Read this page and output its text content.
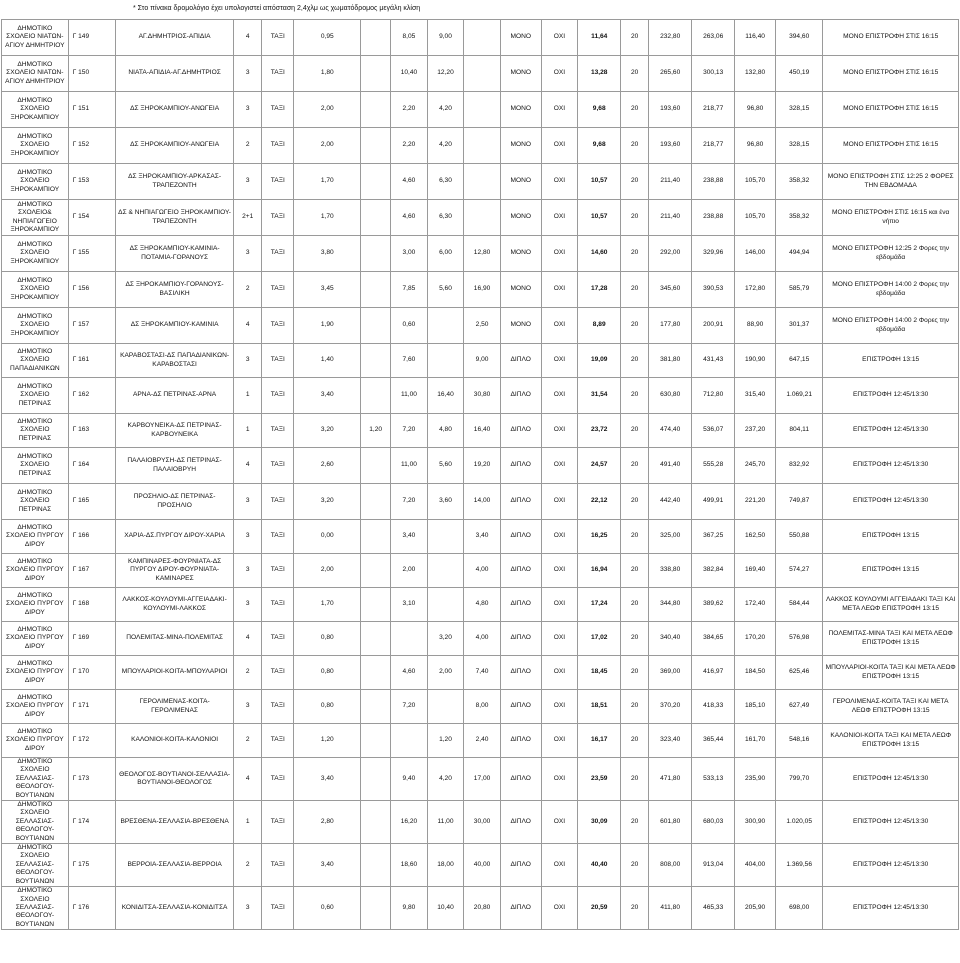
* Στο πίνακα δρομολόγιο έχει υπολογιστεί απόσταση 2,4χλμ ως χωματόδρομος μεγάλη κλίση
ΔΗΜΟΤΙΚΟ ΣΧΟΛΕΙΟ ΝΙΑΤΩΝ-ΑΓΙΟΥ ΔΗΜΗΤΡΙΟΥ	Γ 149	ΑΓ.ΔΗΜΗΤΡΙΟΣ-ΑΠΙΔΙΑ	4	ΤΑΞΙ	0,95		8,05	9,00		ΜΟΝΟ	ΟΧΙ	11,64	20	232,80	263,06	116,40	394,60	ΜΟΝΟ ΕΠΙΣΤΡΟΦΗ ΣΤΙΣ 16:15
ΔΗΜΟΤΙΚΟ ΣΧΟΛΕΙΟ ΝΙΑΤΩΝ-ΑΓΙΟΥ ΔΗΜΗΤΡΙΟΥ	Γ 150	ΝΙΑΤΑ-ΑΠΙΔΙΑ-ΑΓ.ΔΗΜΗΤΡΙΟΣ	3	ΤΑΞΙ	1,80		10,40	12,20		ΜΟΝΟ	ΟΧΙ	13,28	20	265,60	300,13	132,80	450,19	ΜΟΝΟ ΕΠΙΣΤΡΟΦΗ ΣΤΙΣ 16:15
ΔΗΜΟΤΙΚΟ ΣΧΟΛΕΙΟ ΞΗΡΟΚΑΜΠΙΟΥ	Γ 151	ΔΣ ΞΗΡΟΚΑΜΠΙΟΥ-ΑΝΩΓΕΙΑ	3	ΤΑΞΙ	2,00		2,20	4,20		ΜΟΝΟ	ΟΧΙ	9,68	20	193,60	218,77	96,80	328,15	ΜΟΝΟ ΕΠΙΣΤΡΟΦΗ ΣΤΙΣ 16:15
ΔΗΜΟΤΙΚΟ ΣΧΟΛΕΙΟ ΞΗΡΟΚΑΜΠΙΟΥ	Γ 152	ΔΣ ΞΗΡΟΚΑΜΠΙΟΥ-ΑΝΩΓΕΙΑ	2	ΤΑΞΙ	2,00		2,20	4,20		ΜΟΝΟ	ΟΧΙ	9,68	20	193,60	218,77	96,80	328,15	ΜΟΝΟ ΕΠΙΣΤΡΟΦΗ ΣΤΙΣ 16:15
ΔΗΜΟΤΙΚΟ ΣΧΟΛΕΙΟ ΞΗΡΟΚΑΜΠΙΟΥ	Γ 153	ΔΣ ΞΗΡΟΚΑΜΠΙΟΥ-ΑΡΚΑΣΑΣ-ΤΡΑΠΕΖΟΝΤΗ	3	ΤΑΞΙ	1,70		4,60	6,30		ΜΟΝΟ	ΟΧΙ	10,57	20	211,40	238,88	105,70	358,32	ΜΟΝΟ ΕΠΙΣΤΡΟΦΗ ΣΤΙΣ 12:25 2 ΦΟΡΕΣ ΤΗΝ ΕΒΔΟΜΑΔΑ
ΔΗΜΟΤΙΚΟ ΣΧΟΛΕΙΟ& ΝΗΠΙΑΓΩΓΕΙΟ ΞΗΡΟΚΑΜΠΙΟΥ	Γ 154	ΔΣ & ΝΗΠΙΑΓΩΓΕΙΟ ΞΗΡΟΚΑΜΠΙΟΥ-ΤΡΑΠΕΖΟΝΤΗ	2+1	ΤΑΞΙ	1,70		4,60	6,30		ΜΟΝΟ	ΟΧΙ	10,57	20	211,40	238,88	105,70	358,32	ΜΟΝΟ ΕΠΙΣΤΡΟΦΗ ΣΤΙΣ 16:15 και ένα νήπιο
ΔΗΜΟΤΙΚΟ ΣΧΟΛΕΙΟ ΞΗΡΟΚΑΜΠΙΟΥ	Γ 155	ΔΣ ΞΗΡΟΚΑΜΠΙΟΥ-ΚΑΜΙΝΙΑ-ΠΟΤΑΜΙΑ-ΓΟΡΑΝΟΥΣ	3	ΤΑΞΙ	3,80		3,00	6,00	12,80	ΜΟΝΟ	ΟΧΙ	14,60	20	292,00	329,96	146,00	494,94	ΜΟΝΟ ΕΠΙΣΤΡΟΦΗ 12:25 2 Φορες την εβδομάδα
ΔΗΜΟΤΙΚΟ ΣΧΟΛΕΙΟ ΞΗΡΟΚΑΜΠΙΟΥ	Γ 156	ΔΣ ΞΗΡΟΚΑΜΠΙΟΥ-ΓΟΡΑΝΟΥΣ-ΒΑΣΙΛΙΚΗ	2	ΤΑΞΙ	3,45		7,85	5,60	16,90	ΜΟΝΟ	ΟΧΙ	17,28	20	345,60	390,53	172,80	585,79	ΜΟΝΟ ΕΠΙΣΤΡΟΦΗ 14:00 2 Φορες την εβδομάδα
ΔΗΜΟΤΙΚΟ ΣΧΟΛΕΙΟ ΞΗΡΟΚΑΜΠΙΟΥ	Γ 157	ΔΣ ΞΗΡΟΚΑΜΠΙΟΥ-ΚΑΜΙΝΙΑ	4	ΤΑΞΙ	1,90		0,60		2,50	ΜΟΝΟ	ΟΧΙ	8,89	20	177,80	200,91	88,90	301,37	ΜΟΝΟ ΕΠΙΣΤΡΟΦΗ 14:00 2 Φορες την εβδομάδα
ΔΗΜΟΤΙΚΟ ΣΧΟΛΕΙΟ ΠΑΠΑΔΙΑΝΙΚΩΝ	Γ 161	ΚΑΡΑΒΟΣΤΑΣΙ-ΔΣ ΠΑΠΑΔΙΑΝΙΚΩΝ-ΚΑΡΑΒΟΣΤΑΣΙ	3	ΤΑΞΙ	1,40		7,60		9,00	ΔΙΠΛΟ	ΟΧΙ	19,09	20	381,80	431,43	190,90	647,15	ΕΠΙΣΤΡΟΦΗ 13:15
ΔΗΜΟΤΙΚΟ ΣΧΟΛΕΙΟ ΠΕΤΡΙΝΑΣ	Γ 162	ΑΡΝΑ-ΔΣ ΠΕΤΡΙΝΑΣ-ΑΡΝΑ	1	ΤΑΞΙ	3,40		11,00	16,40	30,80	ΔΙΠΛΟ	ΟΧΙ	31,54	20	630,80	712,80	315,40	1.069,21	ΕΠΙΣΤΡΟΦΗ 12:45/13:30
ΔΗΜΟΤΙΚΟ ΣΧΟΛΕΙΟ ΠΕΤΡΙΝΑΣ	Γ 163	ΚΑΡΒΟΥΝΕΙΚΑ-ΔΣ ΠΕΤΡΙΝΑΣ-ΚΑΡΒΟΥΝΕΙΚΑ	1	ΤΑΞΙ	3,20	1,20	7,20	4,80	16,40	ΔΙΠΛΟ	ΟΧΙ	23,72	20	474,40	536,07	237,20	804,11	ΕΠΙΣΤΡΟΦΗ 12:45/13:30
ΔΗΜΟΤΙΚΟ ΣΧΟΛΕΙΟ ΠΕΤΡΙΝΑΣ	Γ 164	ΠΑΛΑΙΟΒΡΥΣΗ-ΔΣ ΠΕΤΡΙΝΑΣ-ΠΑΛΑΙΟΒΡΥΗ	4	ΤΑΞΙ	2,60		11,00	5,60	19,20	ΔΙΠΛΟ	ΟΧΙ	24,57	20	491,40	555,28	245,70	832,92	ΕΠΙΣΤΡΟΦΗ 12:45/13:30
ΔΗΜΟΤΙΚΟ ΣΧΟΛΕΙΟ ΠΕΤΡΙΝΑΣ	Γ 165	ΠΡΟΣΗΛΙΟ-ΔΣ ΠΕΤΡΙΝΑΣ-ΠΡΟΣΗΛΙΟ	3	ΤΑΞΙ	3,20		7,20	3,60	14,00	ΔΙΠΛΟ	ΟΧΙ	22,12	20	442,40	499,91	221,20	749,87	ΕΠΙΣΤΡΟΦΗ 12:45/13:30
ΔΗΜΟΤΙΚΟ ΣΧΟΛΕΙΟ ΠΥΡΓΟΥ ΔΙΡΟΥ	Γ 166	ΧΑΡΙΑ-ΔΣ.ΠΥΡΓΟΥ ΔΙΡΟΥ-ΧΑΡΙΑ	3	ΤΑΞΙ	0,00		3,40		3,40	ΔΙΠΛΟ	ΟΧΙ	16,25	20	325,00	367,25	162,50	550,88	ΕΠΙΣΤΡΟΦΗ 13:15
ΔΗΜΟΤΙΚΟ ΣΧΟΛΕΙΟ ΠΥΡΓΟΥ ΔΙΡΟΥ	Γ 167	ΚΑΜΠΙΝΑΡΕΣ-ΦΟΥΡΝΙΑΤΑ-ΔΣ ΠΥΡΓΟΥ ΔΙΡΟΥ-ΦΟΥΡΝΙΑΤΑ-ΚΑΜΙΝΑΡΕΣ	3	ΤΑΞΙ	2,00		2,00		4,00	ΔΙΠΛΟ	ΟΧΙ	16,94	20	338,80	382,84	169,40	574,27	ΕΠΙΣΤΡΟΦΗ 13:15
ΔΗΜΟΤΙΚΟ ΣΧΟΛΕΙΟ ΠΥΡΓΟΥ ΔΙΡΟΥ	Γ 168	ΛΑΚΚΟΣ-ΚΟΥΛΟΥΜΙ-ΑΓΓΕΙΑΔΑΚΙ-ΚΟΥΛΟΥΜΙ-ΛΑΚΚΟΣ	3	ΤΑΞΙ	1,70		3,10		4,80	ΔΙΠΛΟ	ΟΧΙ	17,24	20	344,80	389,62	172,40	584,44	ΛΑΚΚΟΣ ΚΟΥΛΟΥΜΙ ΑΓΓΕΙΑΔΑΚΙ ΤΑΞΙ ΚΑΙ ΜΕΤΑ ΛΕΩΦ ΕΠΙΣΤΡΟΦΗ 13:15
ΔΗΜΟΤΙΚΟ ΣΧΟΛΕΙΟ ΠΥΡΓΟΥ ΔΙΡΟΥ	Γ 169	ΠΟΛΕΜΙΤΑΣ-ΜΙΝΑ-ΠΟΛΕΜΙΤΑΣ	4	ΤΑΞΙ	0,80			3,20	4,00	ΔΙΠΛΟ	ΟΧΙ	17,02	20	340,40	384,65	170,20	576,98	ΠΟΛΕΜΙΤΑΣ-ΜΙΝΑ ΤΑΞΙ ΚΑΙ ΜΕΤΑ ΛΕΩΦ ΕΠΙΣΤΡΟΦΗ 13:15
ΔΗΜΟΤΙΚΟ ΣΧΟΛΕΙΟ ΠΥΡΓΟΥ ΔΙΡΟΥ	Γ 170	ΜΠΟΥΛΑΡΙΟΙ-ΚΟΙΤΑ-ΜΠΟΥΛΑΡΙΟΙ	2	ΤΑΞΙ	0,80		4,60	2,00	7,40	ΔΙΠΛΟ	ΟΧΙ	18,45	20	369,00	416,97	184,50	625,46	ΜΠΟΥΛΑΡΙΟΙ-ΚΟΙΤΑ ΤΑΞΙ ΚΑΙ ΜΕΤΑ ΛΕΩΦ ΕΠΙΣΤΡΟΦΗ 13:15
ΔΗΜΟΤΙΚΟ ΣΧΟΛΕΙΟ ΠΥΡΓΟΥ ΔΙΡΟΥ	Γ 171	ΓΕΡΟΛΙΜΕΝΑΣ-ΚΟΙΤΑ-ΓΕΡΟΛΙΜΕΝΑΣ	3	ΤΑΞΙ	0,80		7,20		8,00	ΔΙΠΛΟ	ΟΧΙ	18,51	20	370,20	418,33	185,10	627,49	ΓΕΡΟΛΙΜΕΝΑΣ-ΚΟΙΤΑ ΤΑΞΙ ΚΑΙ ΜΕΤΑ ΛΕΩΦ ΕΠΙΣΤΡΟΦΗ 13:15
ΔΗΜΟΤΙΚΟ ΣΧΟΛΕΙΟ ΠΥΡΓΟΥ ΔΙΡΟΥ	Γ 172	ΚΑΛΟΝΙΟΙ-ΚΟΙΤΑ-ΚΑΛΟΝΙΟΙ	2	ΤΑΞΙ	1,20			1,20	2,40	ΔΙΠΛΟ	ΟΧΙ	16,17	20	323,40	365,44	161,70	548,16	ΚΑΛΟΝΙΟΙ-ΚΟΙΤΑ ΤΑΞΙ ΚΑΙ ΜΕΤΑ ΛΕΩΦ ΕΠΙΣΤΡΟΦΗ 13:15
ΔΗΜΟΤΙΚΟ ΣΧΟΛΕΙΟ ΣΕΛΛΑΣΙΑΣ-ΘΕΟΛΟΓΟΥ-ΒΟΥΤΙΑΝΩΝ	Γ 173	ΘΕΟΛΟΓΟΣ-ΒΟΥΤΙΑΝΟΙ-ΣΕΛΛΑΣΙΑ-ΒΟΥΤΙΑΝΟΙ-ΘΕΟΛΟΓΟΣ	4	ΤΑΞΙ	3,40		9,40	4,20	17,00	ΔΙΠΛΟ	ΟΧΙ	23,59	20	471,80	533,13	235,90	799,70	ΕΠΙΣΤΡΟΦΗ 12:45/13:30
ΔΗΜΟΤΙΚΟ ΣΧΟΛΕΙΟ ΣΕΛΛΑΣΙΑΣ-ΘΕΟΛΟΓΟΥ-ΒΟΥΤΙΑΝΩΝ	Γ 174	ΒΡΕΣΘΕΝΑ-ΣΕΛΛΑΣΙΑ-ΒΡΕΣΘΕΝΑ	1	ΤΑΞΙ	2,80		16,20	11,00	30,00	ΔΙΠΛΟ	ΟΧΙ	30,09	20	601,80	680,03	300,90	1.020,05	ΕΠΙΣΤΡΟΦΗ 12:45/13:30
ΔΗΜΟΤΙΚΟ ΣΧΟΛΕΙΟ ΣΕΛΛΑΣΙΑΣ-ΘΕΟΛΟΓΟΥ-ΒΟΥΤΙΑΝΩΝ	Γ 175	ΒΕΡΡΟΙΑ-ΣΕΛΛΑΣΙΑ-ΒΕΡΡΟΙΑ	2	ΤΑΞΙ	3,40		18,60	18,00	40,00	ΔΙΠΛΟ	ΟΧΙ	40,40	20	808,00	913,04	404,00	1.369,56	ΕΠΙΣΤΡΟΦΗ 12:45/13:30
ΔΗΜΟΤΙΚΟ ΣΧΟΛΕΙΟ ΣΕΛΛΑΣΙΑΣ-ΘΕΟΛΟΓΟΥ-ΒΟΥΤΙΑΝΩΝ	Γ 176	ΚΟΝΙΔΙΤΣΑ-ΣΕΛΛΑΣΙΑ-ΚΟΝΙΔΙΤΣΑ	3	ΤΑΞΙ	0,60		9,80	10,40	20,80	ΔΙΠΛΟ	ΟΧΙ	20,59	20	411,80	465,33	205,90	698,00	ΕΠΙΣΤΡΟΦΗ 12:45/13:30
